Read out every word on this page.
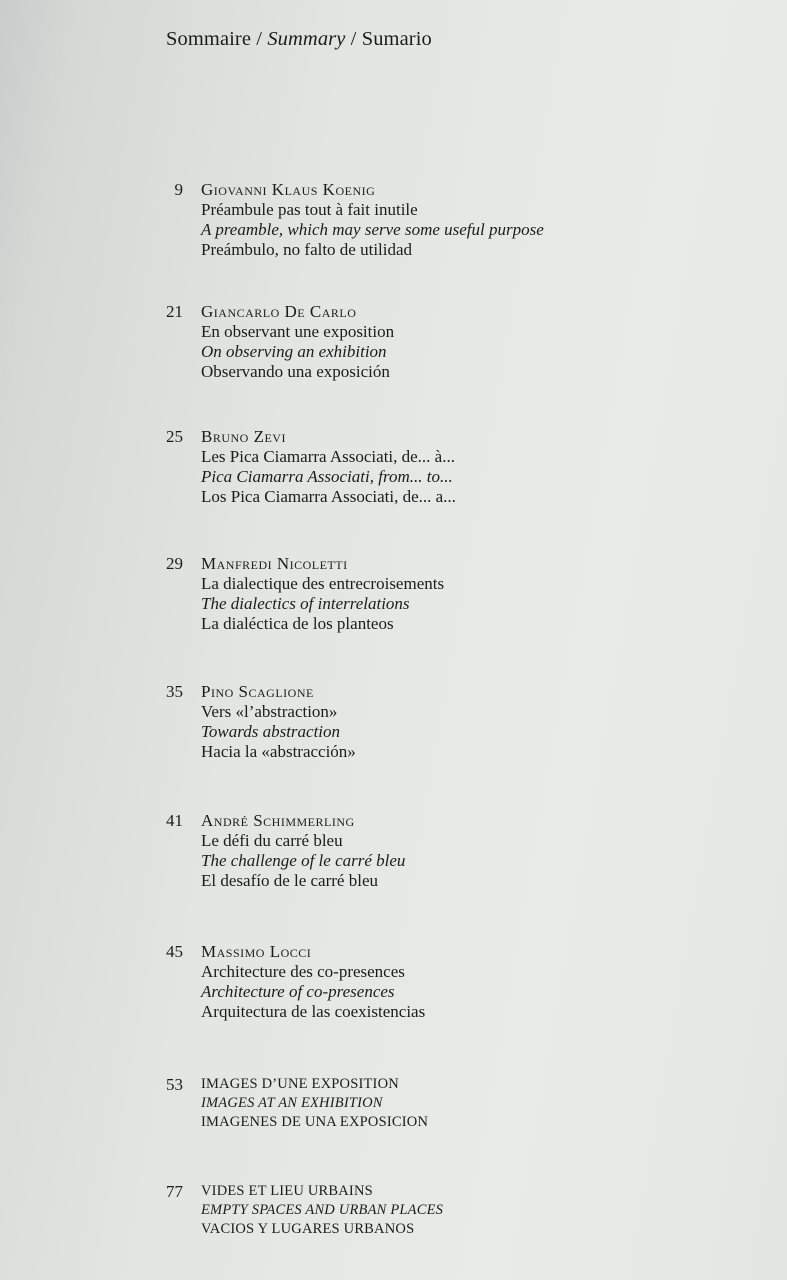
Sommaire / Summary / Sumario
9 Giovanni Klaus Koenig
Préambule pas tout à fait inutile
A preamble, which may serve some useful purpose
Preámbulo, no falto de utilidad
21 Giancarlo De Carlo
En observant une exposition
On observing an exhibition
Observando una exposición
25 Bruno Zevi
Les Pica Ciamarra Associati, de... à...
Pica Ciamarra Associati, from... to...
Los Pica Ciamarra Associati, de... a...
29 Manfredi Nicoletti
La dialectique des entrecroisements
The dialectics of interrelations
La dialéctica de los planteos
35 Pino Scaglione
Vers «l’abstraction»
Towards abstraction
Hacia la «abstracción»
41 André Schimmerling
Le défi du carré bleu
The challenge of le carré bleu
El desafío de le carré bleu
45 Massimo Locci
Architecture des co-presences
Architecture of co-presences
Arquitectura de las coexistencias
53 IMAGES D’UNE EXPOSITION
IMAGES AT AN EXHIBITION
IMAGENES DE UNA EXPOSICION
77 VIDES ET LIEU URBAINS
EMPTY SPACES AND URBAN PLACES
VACIOS Y LUGARES URBANOS
